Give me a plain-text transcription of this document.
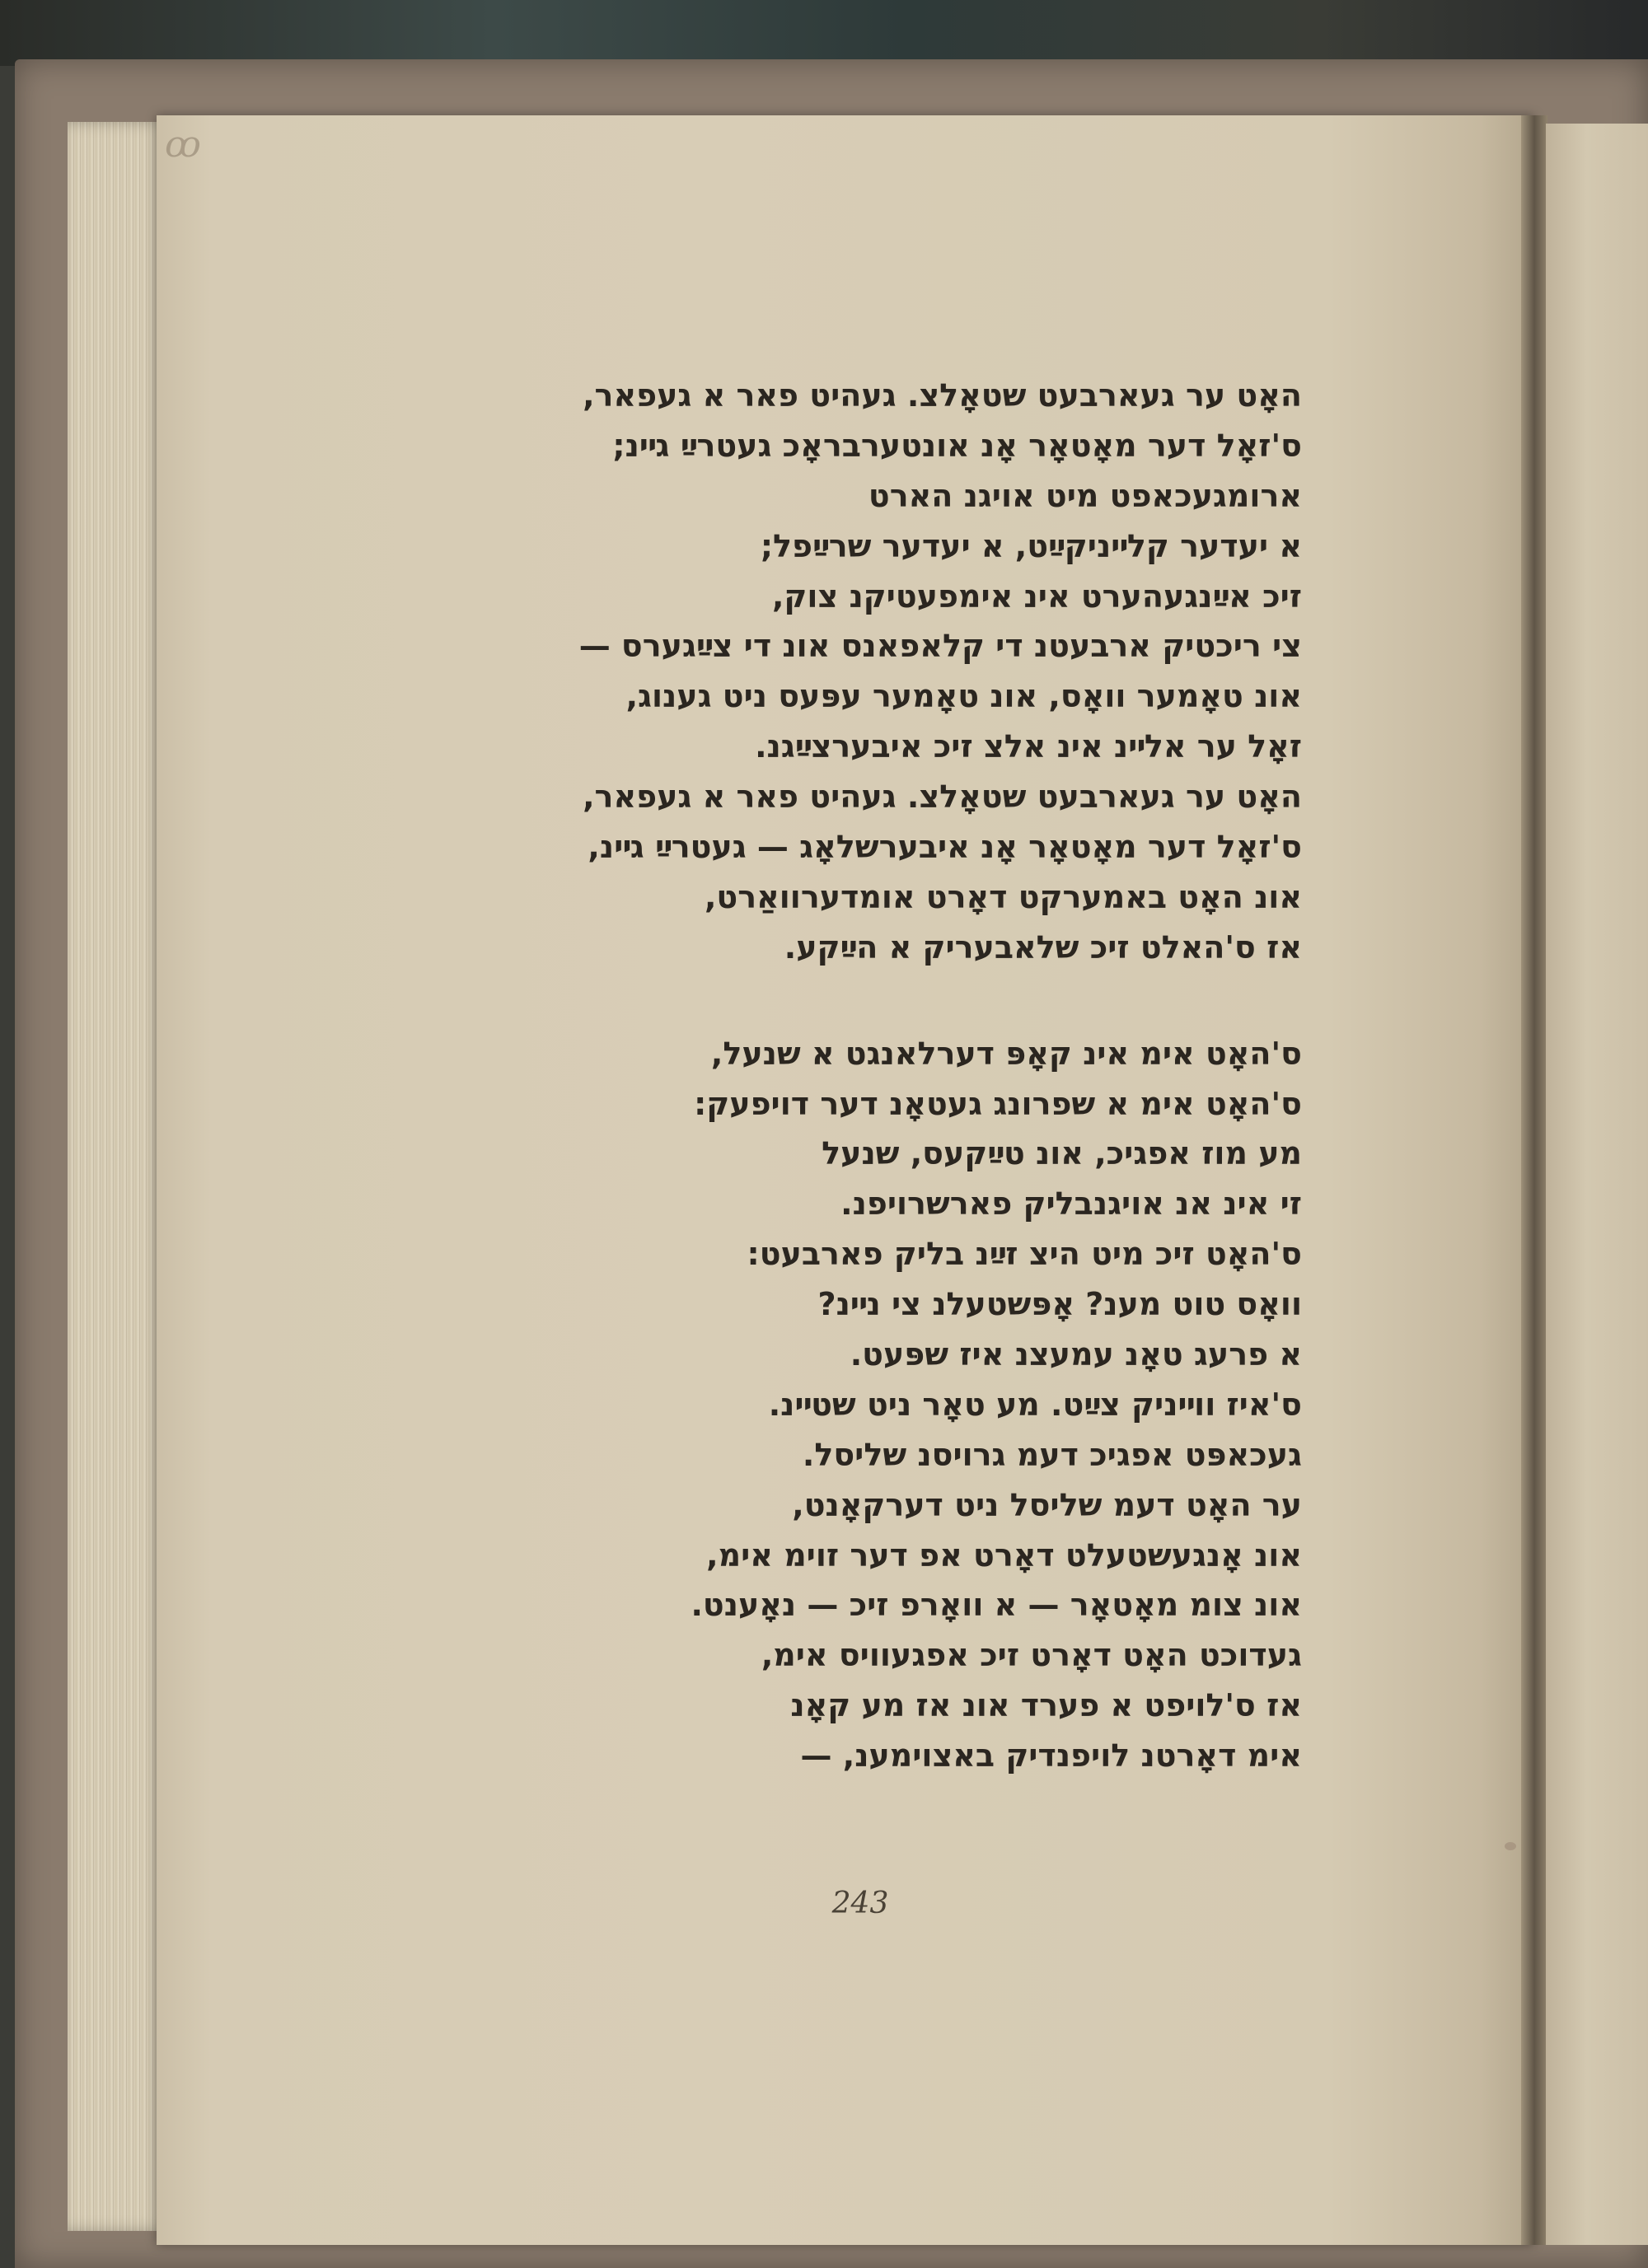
ꝏ
האָט ער געארבעט שטאָלצ. געהיט פאר א געפאר,
ס'זאָל דער מאָטאָר אָנ אונטערבראָכ געטרײַ גײנ;
ארומגעכאפט מיט אויגנ הארט
א יעדער קלײניקײַט, א יעדער שרײַפל;
זיכ אײַנגעהערט אינ אימפעטיקנ צוק,
צי ריכטיק ארבעטנ די קלאפאנס אונ די צײַגערס —
אונ טאָמער וואָס, אונ טאָמער עפּעס ניט גענוג,
זאָל ער אלײנ אינ אלצ זיכ איבערצײַגנ.
האָט ער געארבעט שטאָלצ. געהיט פאר א געפאר,
ס'זאָל דער מאָטאָר אָנ איבערשלאָג — געטרײַ גײנ,
אונ האָט באמערקט דאָרט אומדערוואַרט,
אז ס'האלט זיכ שלאבעריק א הײַקע.
ס'האָט אימ אינ קאָפּ דערלאנגט א שנעל,
ס'האָט אימ א שפרונג געטאָנ דער דויפעק:
מע מוז אפגיכ, אונ טײַקעס, שנעל
זי אינ אנ אויגנבליק פארשרויפנ.
ס'האָט זיכ מיט היצ זײַנ בליק פארבעט:
וואָס טוט מענ? אָפּשטעלנ צי נײנ?
א פרעג טאָנ עמעצנ איז שפּעט.
ס'איז ווײניק צײַט. מע טאָר ניט שטײנ.
געכאפּט אפגיכ דעמ גרויסנ שליסל.
ער האָט דעמ שליסל ניט דערקאָנט,
אונ אָנגעשטעלט דאָרט אפ דער זוימ אימ,
אונ צומ מאָטאָר — א וואָרפ זיכ — נאָענט.
געדוכט האָט דאָרט זיכ אפגעוויס אימ,
אז ס'לויפט א פערד אונ אז מע קאָנ
אימ דאָרטנ לויפנדיק באצוימענ, —
243
